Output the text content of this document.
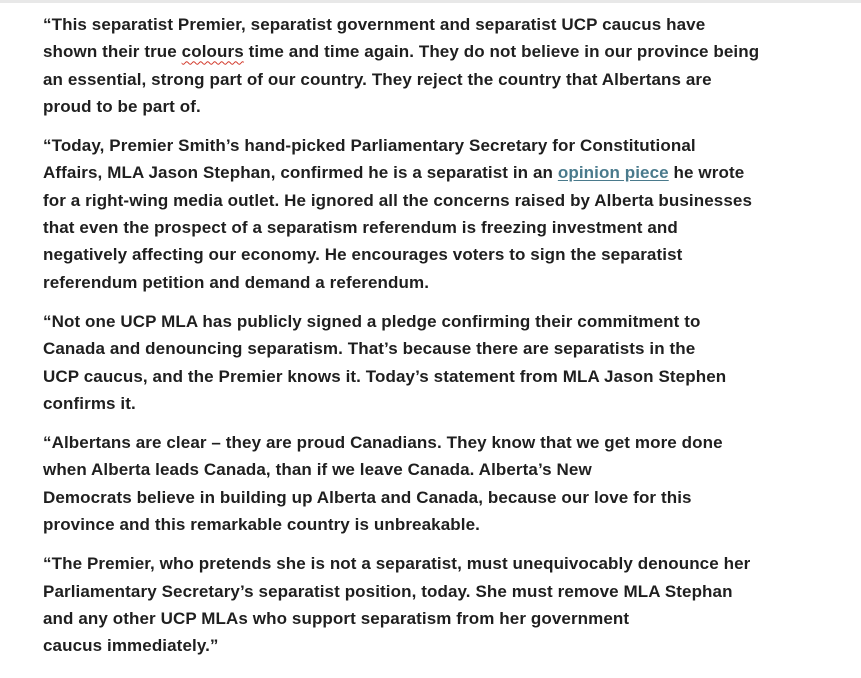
“This separatist Premier, separatist government and separatist UCP caucus have
shown their true colours time and time again. They do not believe in our province being
an essential, strong part of our country. They reject the country that Albertans are
proud to be part of.

“Today, Premier Smith’s hand-picked Parliamentary Secretary for Constitutional
Affairs, MLA Jason Stephan, confirmed he is a separatist in an opinion piece he wrote
for a right-wing media outlet. He ignored all the concerns raised by Alberta businesses
that even the prospect of a separatism referendum is freezing investment and
negatively affecting our economy. He encourages voters to sign the separatist
referendum petition and demand a referendum.

“Not one UCP MLA has publicly signed a pledge confirming their commitment to
Canada and denouncing separatism. That’s because there are separatists in the
UCP caucus, and the Premier knows it. Today’s statement from MLA Jason Stephen
confirms it.

“Albertans are clear – they are proud Canadians. They know that we get more done
when Alberta leads Canada, than if we leave Canada. Alberta’s New
Democrats believe in building up Alberta and Canada, because our love for this
province and this remarkable country is unbreakable.

“The Premier, who pretends she is not a separatist, must unequivocably denounce her
Parliamentary Secretary’s separatist position, today. She must remove MLA Stephan
and any other UCP MLAs who support separatism from her government
caucus immediately.”
